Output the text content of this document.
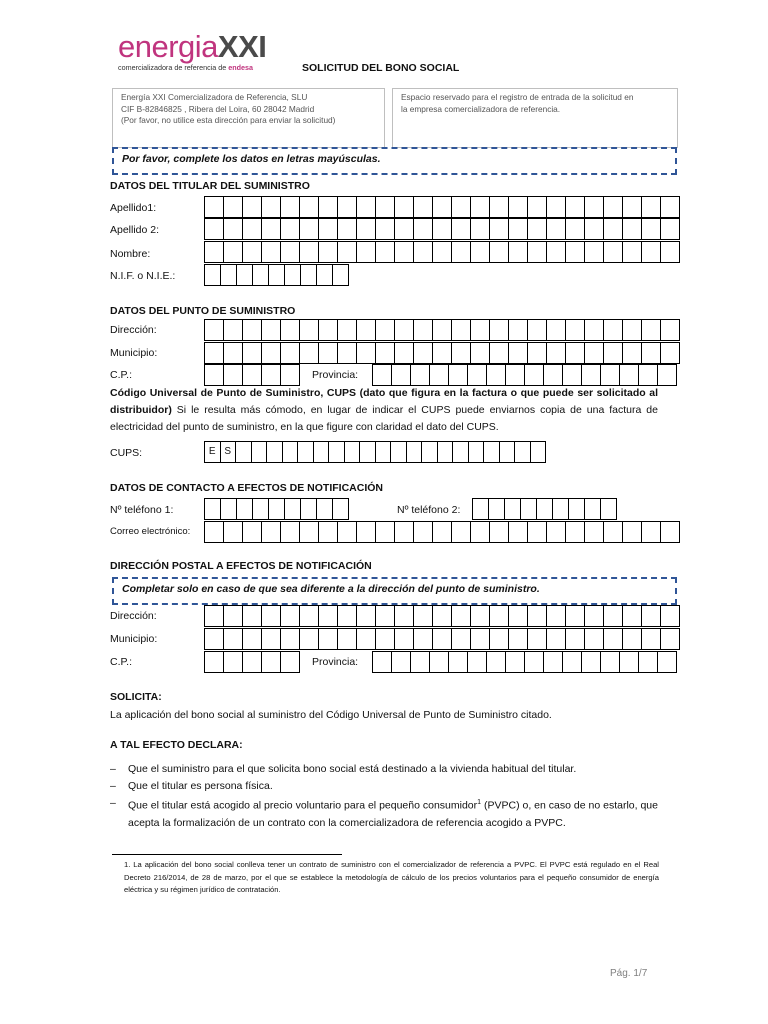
energiaXXI
comercializadora de referencia de endesa	SOLICITUD DEL BONO SOCIAL
Energía XXI Comercializadora de Referencia, SLU
CIF B-82846825 , Ribera del Loira, 60 28042 Madrid
(Por favor, no utilice esta dirección para enviar la solicitud)
Espacio reservado para el registro de entrada de la solicitud en
la empresa comercializadora de referencia.
Por favor, complete los datos en letras mayúsculas.
DATOS DEL TITULAR DEL SUMINISTRO
Apellido1:
Apellido 2:
Nombre:
N.I.F. o N.I.E.:
DATOS DEL PUNTO DE SUMINISTRO
Dirección:
Municipio:
C.P.:	Provincia:
Código Universal de Punto de Suministro, CUPS (dato que figura en la factura o que puede ser solicitado al distribuidor) Si le resulta más cómodo, en lugar de indicar el CUPS puede enviarnos copia de una factura de electricidad del punto de suministro, en la que figure con claridad el dato del CUPS.
CUPS:	E S
DATOS DE CONTACTO A EFECTOS DE NOTIFICACIÓN
Nº teléfono 1:	Nº teléfono 2:
Correo electrónico:
DIRECCIÓN POSTAL A EFECTOS DE NOTIFICACIÓN
Completar solo en caso de que sea diferente a la dirección del punto de suministro.
Dirección:
Municipio:
C.P.:	Provincia:
SOLICITA:
La aplicación del bono social al suministro del Código Universal de Punto de Suministro citado.
A TAL EFECTO DECLARA:
– Que el suministro para el que solicita bono social está destinado a la vivienda habitual del titular.
– Que el titular es persona física.
– Que el titular está acogido al precio voluntario para el pequeño consumidor$^1$ (PVPC) o, en caso de no estarlo, que acepta la formalización de un contrato con la comercializadora de referencia acogido a PVPC.
1. La aplicación del bono social conlleva tener un contrato de suministro con el comercializador de referencia a PVPC. El PVPC está regulado en el Real Decreto 216/2014, de 28 de marzo, por el que se establece la metodología de cálculo de los precios voluntarios para el pequeño consumidor de energía eléctrica y su régimen jurídico de contratación.
Pág. 1/7
